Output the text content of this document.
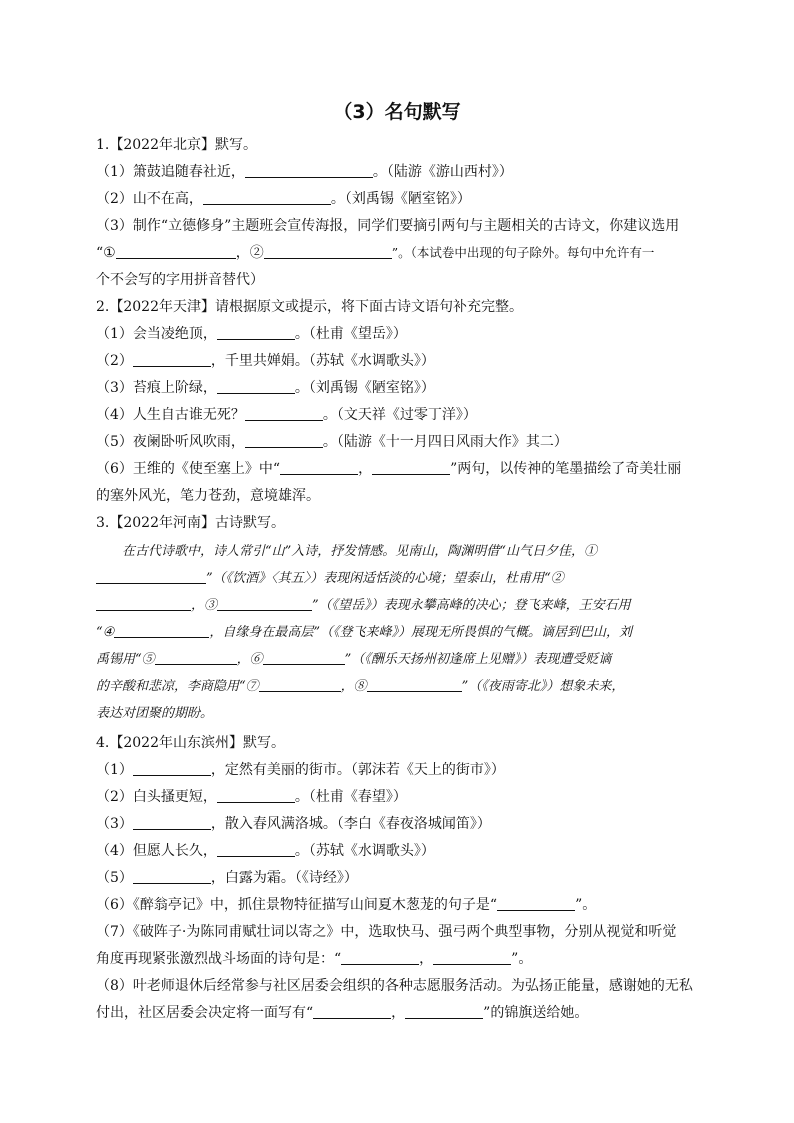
（3）名句默写
1.【2022年北京】默写。
（1）箫鼓追随春社近，	。（陆游《游山西村》）
（2）山不在高，	。（刘禹锡《陋室铭》）
（3）制作“立德修身”主题班会宣传海报，同学们要摘引两句与主题相关的古诗文，你建议选用
“①	，②	”。（本试卷中出现的句子除外。每句中允许有一
个不会写的字用拼音替代）
2.【2022年天津】请根据原文或提示，将下面古诗文语句补充完整。
（1）会当凌绝顶，	。（杜甫《望岳》）
（2）	，千里共婵娟。（苏轼《水调歌头》）
（3）苔痕上阶绿，	。（刘禹锡《陋室铭》）
（4）人生自古谁无死？	。（文天祥《过零丁洋》）
（5）夜阑卧听风吹雨，	。（陆游《十一月四日风雨大作》其二）
（6）王维的《使至塞上》中“	，	”两句，以传神的笔墨描绘了奇美壮丽
的塞外风光，笔力苍劲，意境雄浑。
3.【2022年河南】古诗默写。
在古代诗歌中，诗人常引“山”入诗，抒发情感。见南山，陶渊明借“山气日夕佳，①
”（《饮酒》〈其五〉）表现闲适恬淡的心境；望泰山，杜甫用“②
，③	”（《望岳》）表现永攀高峰的决心；登飞来峰，王安石用
“④	，自缘身在最高层”（《登飞来峰》）展现无所畏惧的气概。谪居到巴山，刘
禹锡用“⑤	，⑥	”（《酬乐天扬州初逢席上见赠》）表现遭受贬谪
的辛酸和悲凉，李商隐用“⑦	，⑧	”（《夜雨寄北》）想象未来，
表达对团聚的期盼。
4.【2022年山东滨州】默写。
（1）	，定然有美丽的街市。（郭沫若《天上的街市》）
（2）白头搔更短，	。（杜甫《春望》）
（3）	，散入春风满洛城。（李白《春夜洛城闻笛》）
（4）但愿人长久，	。（苏轼《水调歌头》）
（5）	，白露为霜。（《诗经》）
（6）《醉翁亭记》中，抓住景物特征描写山间夏木葱茏的句子是“	”。
（7）《破阵子·为陈同甫赋壮词以寄之》中，选取快马、强弓两个典型事物，分别从视觉和听觉
角度再现紧张激烈战斗场面的诗句是：“	，	”。
（8）叶老师退休后经常参与社区居委会组织的各种志愿服务活动。为弘扬正能量，感谢她的无私
付出，社区居委会决定将一面写有“	，	”的锦旗送给她。
